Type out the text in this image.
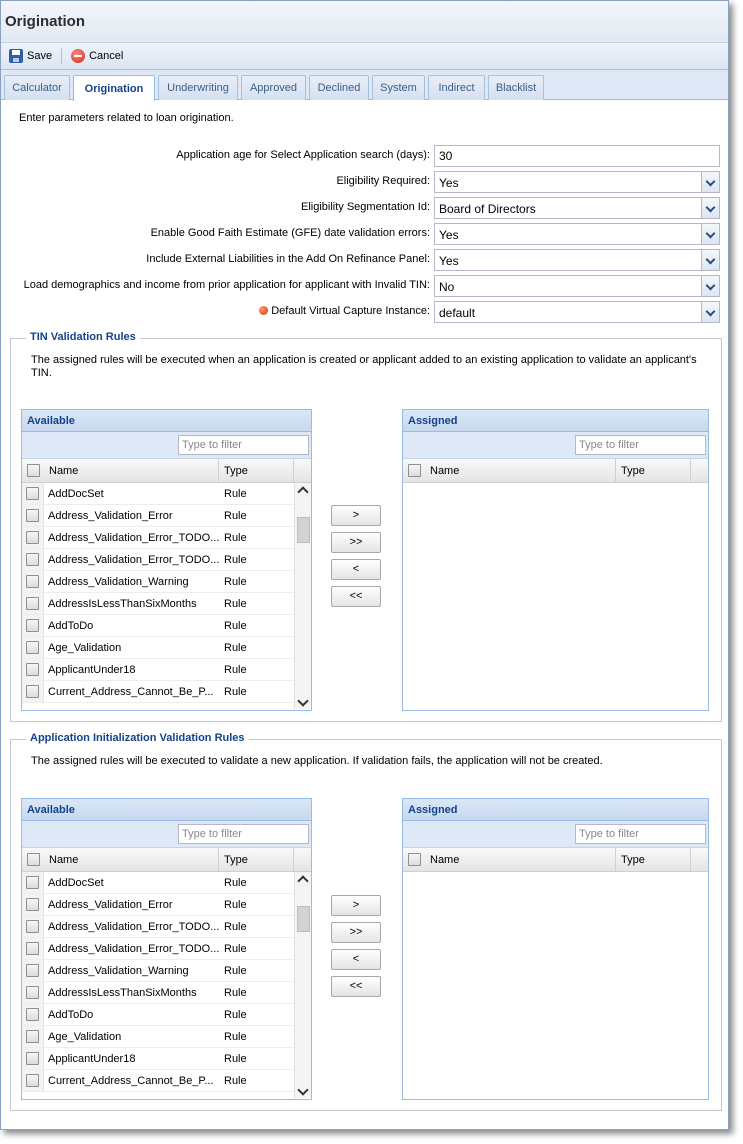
Origination
Save	Cancel
Calculator	Origination	Underwriting	Approved	Declined	System	Indirect	Blacklist
Enter parameters related to loan origination.
Application age for Select Application search (days):
30
Eligibility Required: Yes
Eligibility Segmentation Id: Board of Directors
Enable Good Faith Estimate (GFE) date validation errors: Yes
Include External Liabilities in the Add On Refinance Panel: Yes
Load demographics and income from prior application for applicant with Invalid TIN: No
Default Virtual Capture Instance: default
TIN Validation Rules
The assigned rules will be executed when an application is created or applicant added to an existing application to validate an applicant's TIN.
Available
Type to filter
Name	Type
AddDocSet	Rule
Address_Validation_Error	Rule
Address_Validation_Error_TODO... Rule
Address_Validation_Error_TODO... Rule
Address_Validation_Warning	Rule
AddressIsLessThanSixMonths	Rule
AddToDo	Rule
Age_Validation	Rule
ApplicantUnder18	Rule
Current_Address_Cannot_Be_P... Rule
>
>>
<
<<
Assigned
Type to filter
Name	Type
Application Initialization Validation Rules
The assigned rules will be executed to validate a new application. If validation fails, the application will not be created.
Available
Type to filter
Name	Type
AddDocSet	Rule
Address_Validation_Error	Rule
Address_Validation_Error_TODO... Rule
Address_Validation_Error_TODO... Rule
Address_Validation_Warning	Rule
AddressIsLessThanSixMonths	Rule
AddToDo	Rule
Age_Validation	Rule
ApplicantUnder18	Rule
Current_Address_Cannot_Be_P... Rule
>
>>
<
<<
Assigned
Type to filter
Name	Type
